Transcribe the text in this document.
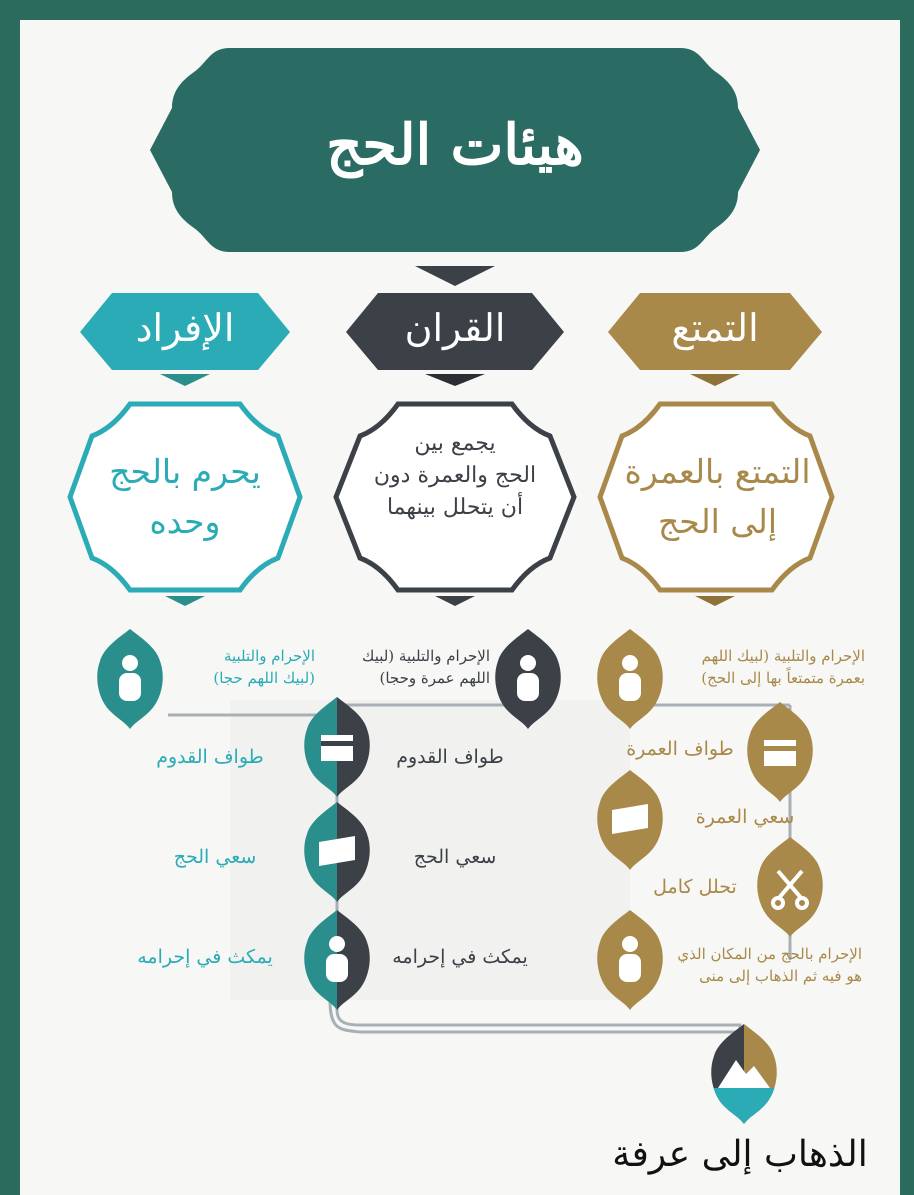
هيئات الحج
الإفراد	القران	التمتع
يحرم بالحج
وحده
يجمع بين
الحج والعمرة دون
أن يتحلل بينهما
التمتع بالعمرة
إلى الحج
الإحرام والتلبية
(لبيك اللهم حجا)
الإحرام والتلبية (لبيك
اللهم عمرة وحجا)
الإحرام والتلبية (لبيك اللهم
بعمرة متمتعاً بها إلى الحج)
طواف القدوم	طواف القدوم	طواف العمرة
سعي الحج	سعي الحج
سعي العمرة
تحلل كامل
يمكث في إحرامه	يمكث في إحرامه	الإحرام بالحج من المكان الذي
هو فيه ثم الذهاب إلى منى
الذهاب إلى عرفة
